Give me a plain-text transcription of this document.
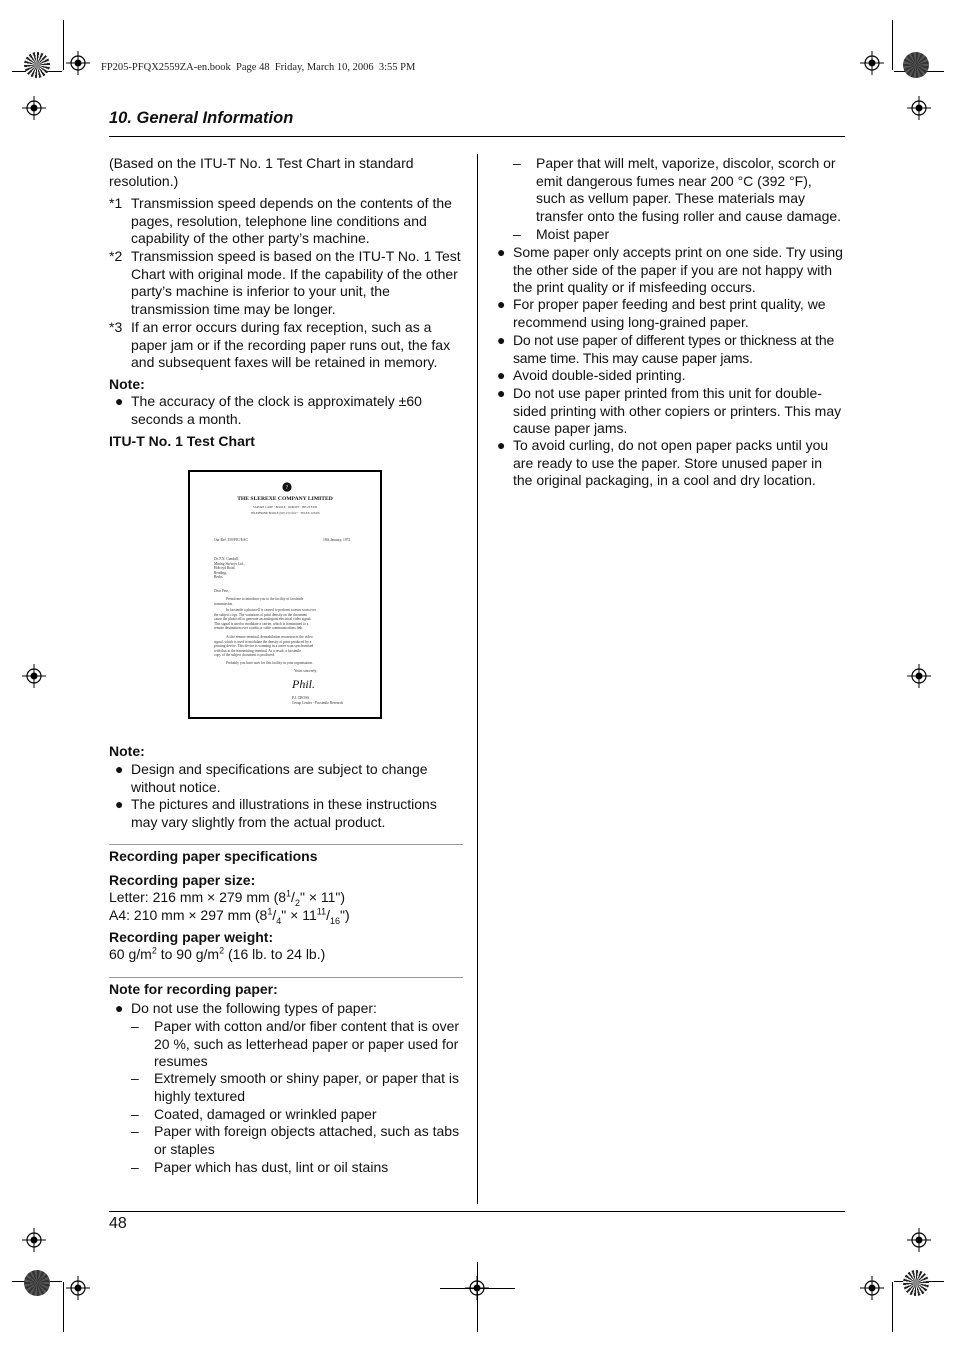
FP205-PFQX2559ZA-en.book  Page 48  Friday, March 10, 2006  3:55 PM
10. General Information
(Based on the ITU-T No. 1 Test Chart in standard
resolution.)
*1 Transmission speed depends on the contents of the
pages, resolution, telephone line conditions and
capability of the other party’s machine.
*2 Transmission speed is based on the ITU-T No. 1 Test
Chart with original mode. If the capability of the other
party’s machine is inferior to your unit, the
transmission time may be longer.
*3 If an error occurs during fax reception, such as a
paper jam or if the recording paper runs out, the fax
and subsequent faxes will be retained in memory.
Note:
● The accuracy of the clock is approximately ±60
seconds a month.
ITU-T No. 1 Test Chart
?
THE SLEREXE COMPANY LIMITED
SAPORS LANE · BOOLE · DORSET · BH 25 8 ER
TELEPHONE BOOLE (945 13) 51617 · TELEX 123456
Our Ref. 350/PJC/EAC	18th January, 1972.
Dr. P.N. Cundall,
Mining Surveys Ltd.,
Holroyd Road,
Reading,
Berks.
Dear Pete,
Permit me to introduce you to the facility of facsimile
transmission.
In facsimile a photocell is caused to perform a raster scan over
the subject copy. The variations of print density on the document
cause the photocell to generate an analogous electrical video signal.
This signal is used to modulate a carrier, which is transmitted to a
remote destination over a radio or cable communications link.
At the remote terminal, demodulation reconstructs the video
signal, which is used to modulate the density of print produced by a
printing device. This device is scanning in a raster scan synchronised
with that at the transmitting terminal. As a result, a facsimile
copy of the subject document is produced.
Probably you have uses for this facility in your organisation.
Yours sincerely,
Phil.
P.J. CROSS
Group Leader - Facsimile Research
Note:
● Design and specifications are subject to change
without notice.
● The pictures and illustrations in these instructions
may vary slightly from the actual product.
Recording paper specifications
Recording paper size:
Letter: 216 mm × 279 mm ($8^1/_2$" × 11")
A4: 210 mm × 297 mm ($8^1/_4$" × $11^{11}/_{16}$")
Recording paper weight:
60 $g/m^2$ to 90 $g/m^2$ (16 lb. to 24 lb.)
Note for recording paper:
● Do not use the following types of paper:
–	Paper with cotton and/or fiber content that is over
20 %, such as letterhead paper or paper used for
resumes
–	Extremely smooth or shiny paper, or paper that is
highly textured
–	Coated, damaged or wrinkled paper
–	Paper with foreign objects attached, such as tabs
or staples
–	Paper which has dust, lint or oil stains
–	Paper that will melt, vaporize, discolor, scorch or
emit dangerous fumes near 200 °C (392 °F),
such as vellum paper. These materials may
transfer onto the fusing roller and cause damage.
–	Moist paper
● Some paper only accepts print on one side. Try using
the other side of the paper if you are not happy with
the print quality or if misfeeding occurs.
● For proper paper feeding and best print quality, we
recommend using long-grained paper.
● Do not use paper of different types or thickness at the
same time. This may cause paper jams.
● Avoid double-sided printing.
● Do not use paper printed from this unit for double-
sided printing with other copiers or printers. This may
cause paper jams.
● To avoid curling, do not open paper packs until you
are ready to use the paper. Store unused paper in
the original packaging, in a cool and dry location.
48
